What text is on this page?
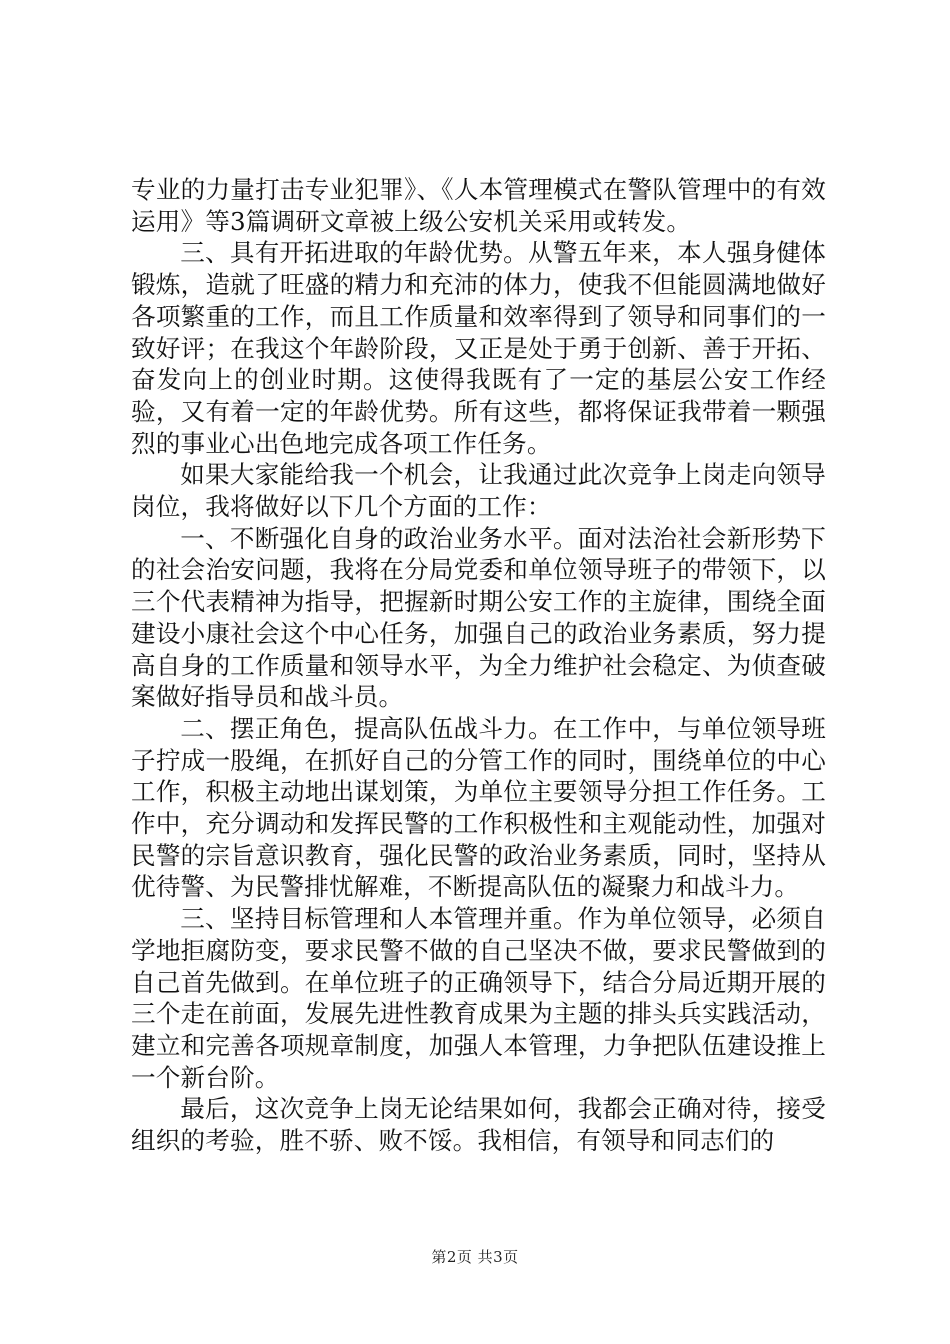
专业的力量打击专业犯罪》、《人本管理模式在警队管理中的有效运用》等3篇调研文章被上级公安机关采用或转发。

三、具有开拓进取的年龄优势。从警五年来，本人强身健体锻炼，造就了旺盛的精力和充沛的体力，使我不但能圆满地做好各项繁重的工作，而且工作质量和效率得到了领导和同事们的一致好评；在我这个年龄阶段，又正是处于勇于创新、善于开拓、奋发向上的创业时期。这使得我既有了一定的基层公安工作经验，又有着一定的年龄优势。所有这些，都将保证我带着一颗强烈的事业心出色地完成各项工作任务。

如果大家能给我一个机会，让我通过此次竞争上岗走向领导岗位，我将做好以下几个方面的工作：

一、不断强化自身的政治业务水平。面对法治社会新形势下的社会治安问题，我将在分局党委和单位领导班子的带领下，以三个代表精神为指导，把握新时期公安工作的主旋律，围绕全面建设小康社会这个中心任务，加强自己的政治业务素质，努力提高自身的工作质量和领导水平，为全力维护社会稳定、为侦查破案做好指导员和战斗员。

二、摆正角色，提高队伍战斗力。在工作中，与单位领导班子拧成一股绳，在抓好自己的分管工作的同时，围绕单位的中心工作，积极主动地出谋划策，为单位主要领导分担工作任务。工作中，充分调动和发挥民警的工作积极性和主观能动性，加强对民警的宗旨意识教育，强化民警的政治业务素质，同时，坚持从优待警、为民警排忧解难，不断提高队伍的凝聚力和战斗力。

三、坚持目标管理和人本管理并重。作为单位领导，必须自学地拒腐防变，要求民警不做的自己坚决不做，要求民警做到的自己首先做到。在单位班子的正确领导下，结合分局近期开展的三个走在前面，发展先进性教育成果为主题的排头兵实践活动，建立和完善各项规章制度，加强人本管理，力争把队伍建设推上一个新台阶。

最后，这次竞争上岗无论结果如何，我都会正确对待，接受组织的考验，胜不骄、败不馁。我相信，有领导和同志们的

第2页 共3页
